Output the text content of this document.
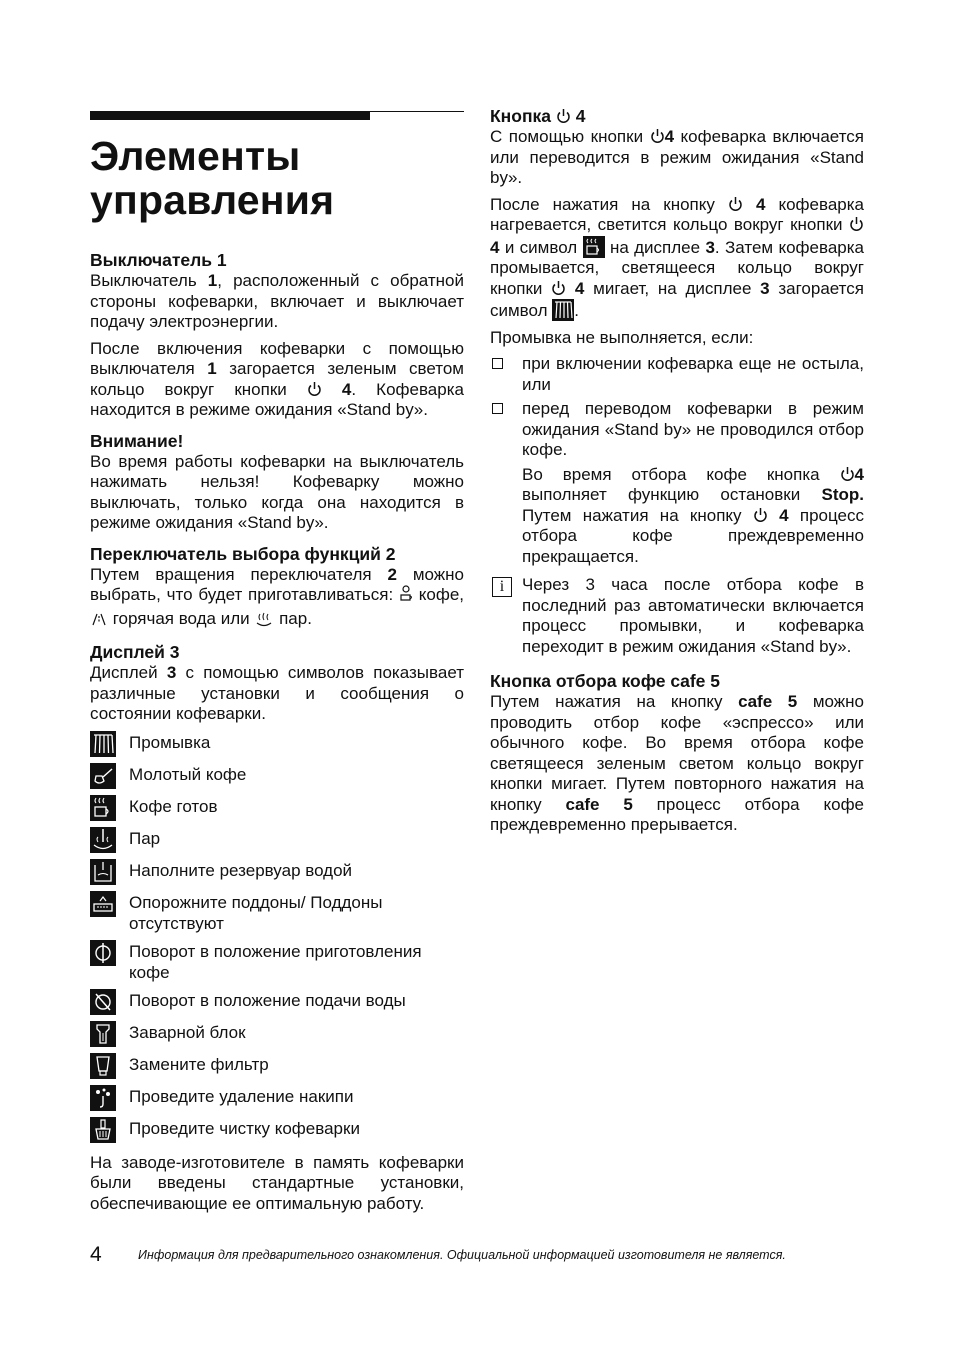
Элементы
управления
Выключатель 1

Выключатель 1, расположенный с обратной стороны кофеварки, включает и выключает подачу электроэнергии.

После включения кофеварки с помощью выключателя 1 загорается зеленым светом кольцо вокруг кнопки  4. Кофеварка находится в режиме ожидания «Stand by».

Внимание!

Во время работы кофеварки на выключатель нажимать нельзя! Кофеварку можно выключать, только когда она находится в режиме ожидания «Stand by».

Переключатель выбора функций 2

Путем вращения переключателя 2 можно выбрать, что будет приготавливаться:  кофе,  горячая вода или  пар.

Дисплей 3

Дисплей 3 с помощью символов показывает различные установки и сообщения о состоянии кофеварки.

Промывка
Молотый кофе
Кофе готов
Пар
Наполните резервуар водой
Опорожните поддоны/ Поддоны отсутствуют
Поворот в положение приготовления кофе
Поворот в положение подачи воды
Заварной блок
Замените фильтр
Проведите удаление накипи
Проведите чистку кофеварки

На заводе-изготовителе в память кофеварки были введены стандартные установки, обеспечивающие ее оптимальную работу.

Кнопка  4

С помощью кнопки 4 кофеварка включается или переводится в режим ожидания «Stand by».

После нажатия на кнопку  4 кофеварка нагревается, светится кольцо вокруг кнопки  4 и символ
на дисплее 3. Затем кофеварка промывается, светящееся кольцо вокруг кнопки  4 мигает, на дисплее 3 загорается символ
.

Промывка не выполняется, если:

при включении кофеварка еще не остыла, или
перед переводом кофеварки в режим ожидания «Stand by» не проводился отбор кофе.

Во время отбора кофе кнопка 4 выполняет функцию остановки Stop. Путем нажатия на кнопку  4 процесс отбора кофе преждевременно прекращается.

i	Через 3 часа после отбора кофе в последний раз автоматически включается процесс промывки, и кофеварка переходит в режим ожидания «Stand by».
Кнопка отбора кофе cafe 5

Путем нажатия на кнопку cafe 5 можно проводить отбор кофе «эспрессо» или обычного кофе. Во время отбора кофе светящееся зеленым светом кольцо вокруг кнопки мигает. Путем повторного нажатия на кнопку cafe 5 процесс отбора кофе преждевременно прерывается.

4	Информация для предварительного ознакомления. Официальной информацией изготовителя не является.
